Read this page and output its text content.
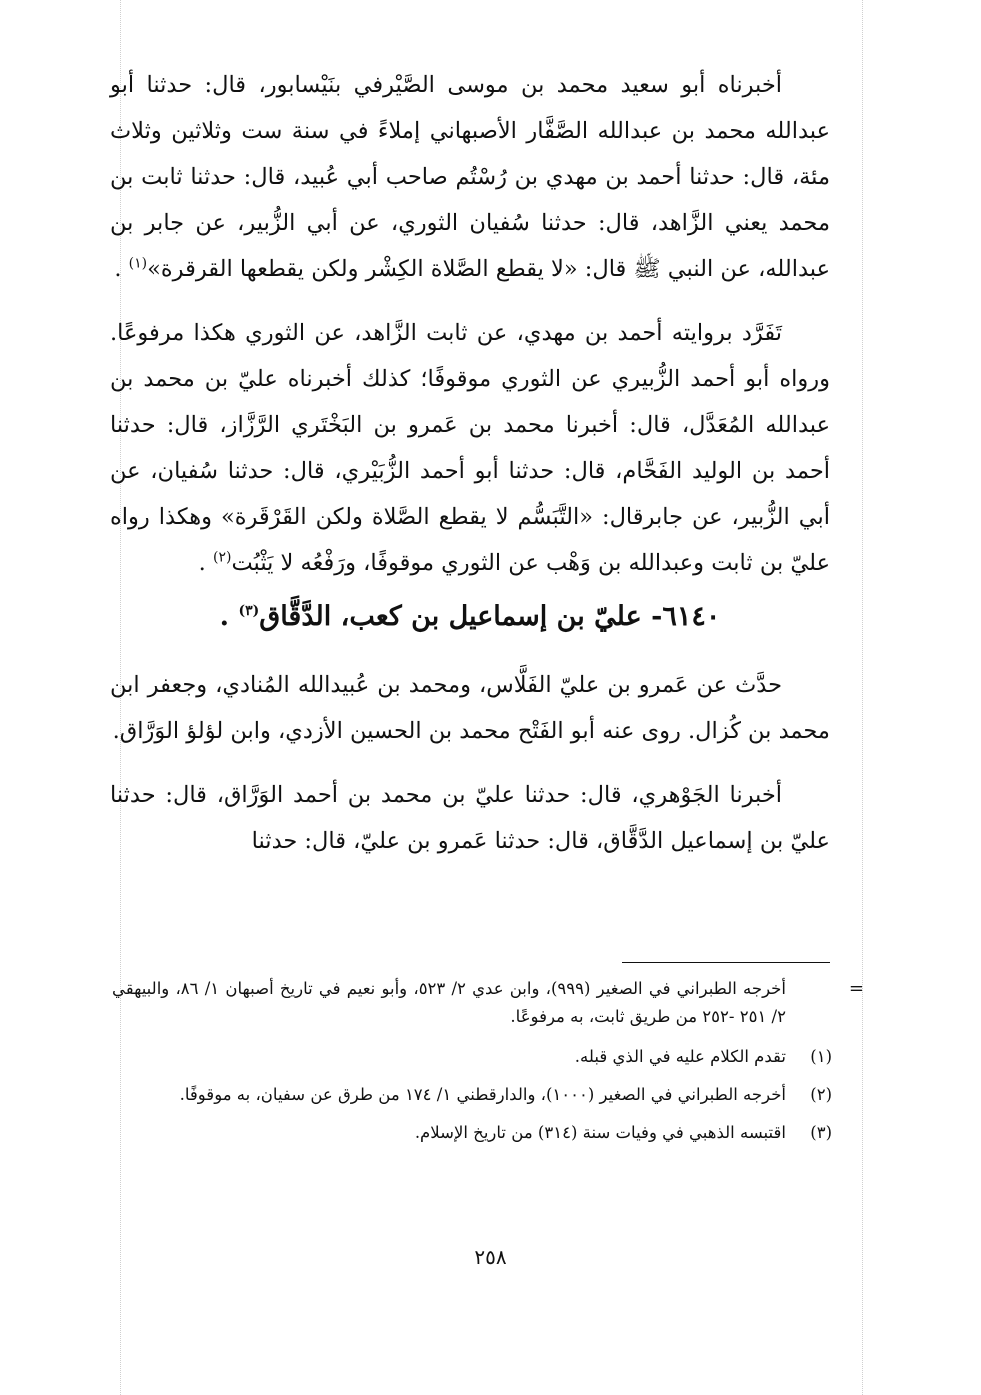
أخبرناه أبو سعيد محمد بن موسى الصَّيْرفي بنَيْسابور، قال: حدثنا أبو عبدالله محمد بن عبدالله الصَّفَّار الأصبهاني إملاءً في سنة ست وثلاثين وثلاث مئة، قال: حدثنا أحمد بن مهدي بن رُسْتُم صاحب أبي عُبيد، قال: حدثنا ثابت بن محمد يعني الزَّاهد، قال: حدثنا سُفيان الثوري، عن أبي الزُّبير، عن جابر بن عبدالله، عن النبي ﷺ قال: «لا يقطع الصَّلاة الكِشْر ولكن يقطعها القرقرة»$^{(١)}$ .

تَفَرَّد بروايته أحمد بن مهدي، عن ثابت الزَّاهد، عن الثوري هكذا مرفوعًا. ورواه أبو أحمد الزُّبيري عن الثوري موقوفًا؛ كذلك أخبرناه عليّ بن محمد بن عبدالله المُعَدَّل، قال: أخبرنا محمد بن عَمرو بن البَخْتَري الرَّزَّاز، قال: حدثنا أحمد بن الوليد الفَحَّام، قال: حدثنا أبو أحمد الزُّبَيْري، قال: حدثنا سُفيان، عن أبي الزُّبير، عن جابرقال: «التَّبَسُّم لا يقطع الصَّلاة ولكن القَرْقَرة» وهكذا رواه عليّ بن ثابت وعبدالله بن وَهْب عن الثوري موقوفًا، ورَفْعُه لا يَثْبُت$^{(٢)}$ .

٦١٤٠- عليّ بن إسماعيل بن كعب، الدَّقَّاق$^{(٣)}$ .

حدَّث عن عَمرو بن عليّ الفَلَّاس، ومحمد بن عُبيدالله المُنادي، وجعفر ابن محمد بن كُزال. روى عنه أبو الفَتْح محمد بن الحسين الأزدي، وابن لؤلؤ الوَرَّاق.

أخبرنا الجَوْهري، قال: حدثنا عليّ بن محمد بن أحمد الوَرَّاق، قال: حدثنا عليّ بن إسماعيل الدَّقَّاق، قال: حدثنا عَمرو بن عليّ، قال: حدثنا

=
أخرجه الطبراني في الصغير (٩٩٩)، وابن عدي ٢/ ٥٢٣، وأبو نعيم في تاريخ أصبهان ١/ ٨٦، والبيهقي ٢/ ٢٥١ -٢٥٢ من طريق ثابت، به مرفوعًا.
(١)
تقدم الكلام عليه في الذي قبله.
(٢)
أخرجه الطبراني في الصغير (١٠٠٠)، والدارقطني ١/ ١٧٤ من طرق عن سفيان، به موقوفًا.
(٣)
اقتبسه الذهبي في وفيات سنة (٣١٤) من تاريخ الإسلام.
٢٥٨
